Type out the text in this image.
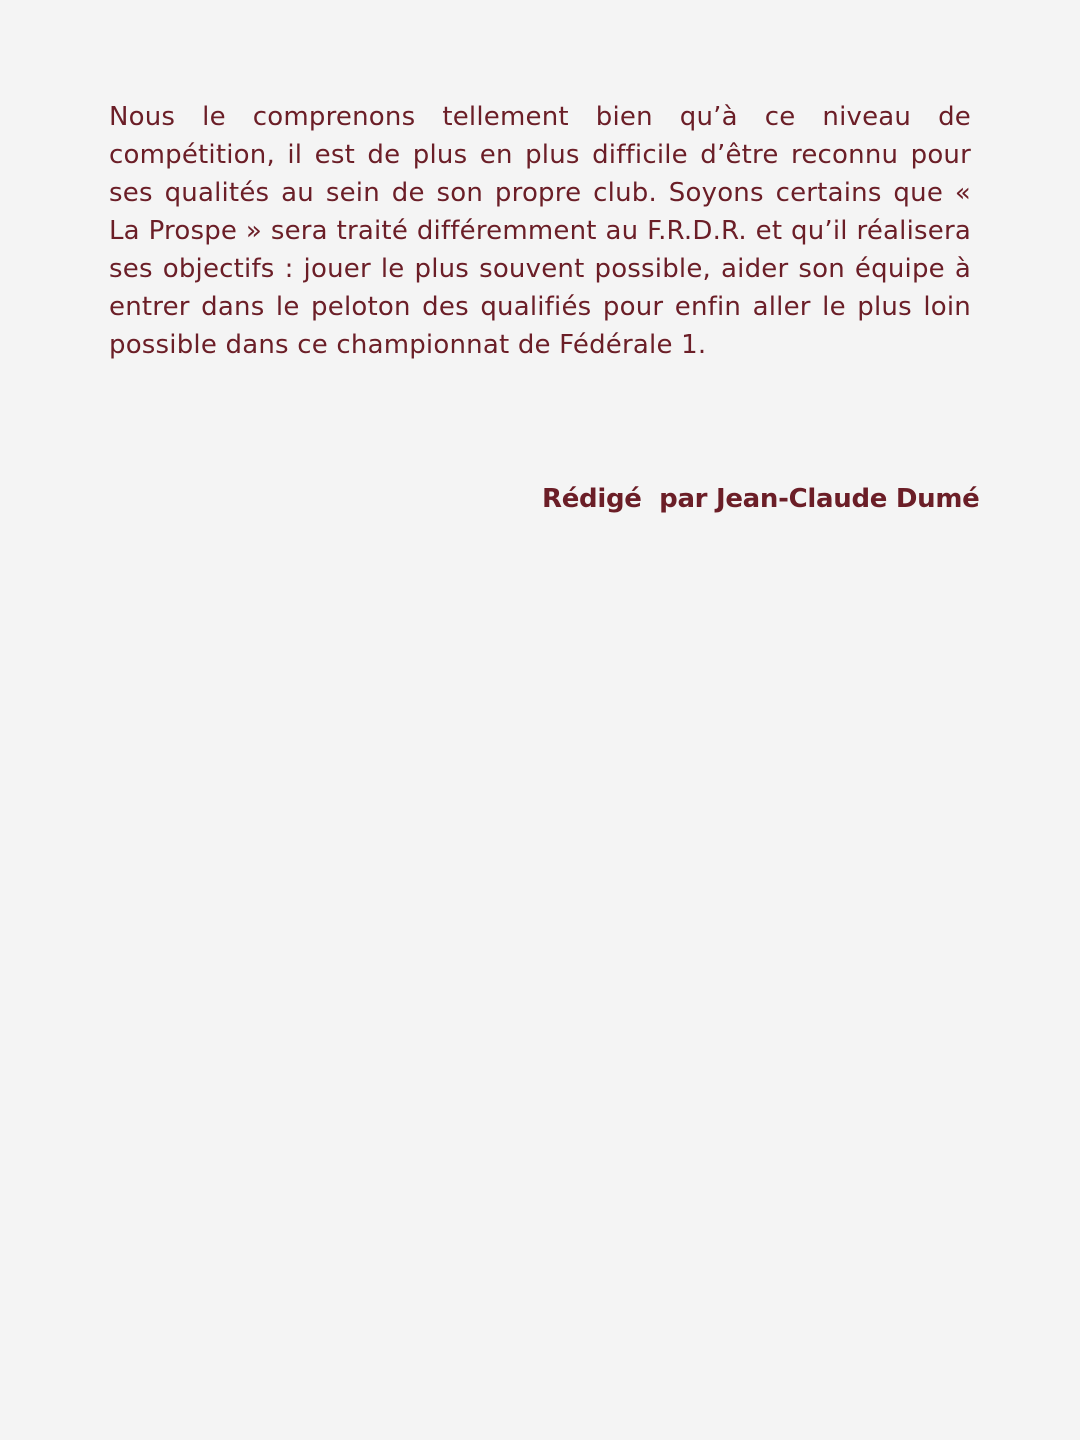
Nous le comprenons tellement bien qu’à ce niveau de compétition, il est de plus en plus difficile d’être reconnu pour ses qualités au sein de son propre club. Soyons certains que « La Prospe » sera traité différemment au F.R.D.R. et qu’il réalisera ses objectifs : jouer le plus souvent possible, aider son équipe à entrer dans le peloton des qualifiés pour enfin aller le plus loin possible dans ce championnat de Fédérale 1.

Rédigé  par Jean-Claude Dumé
